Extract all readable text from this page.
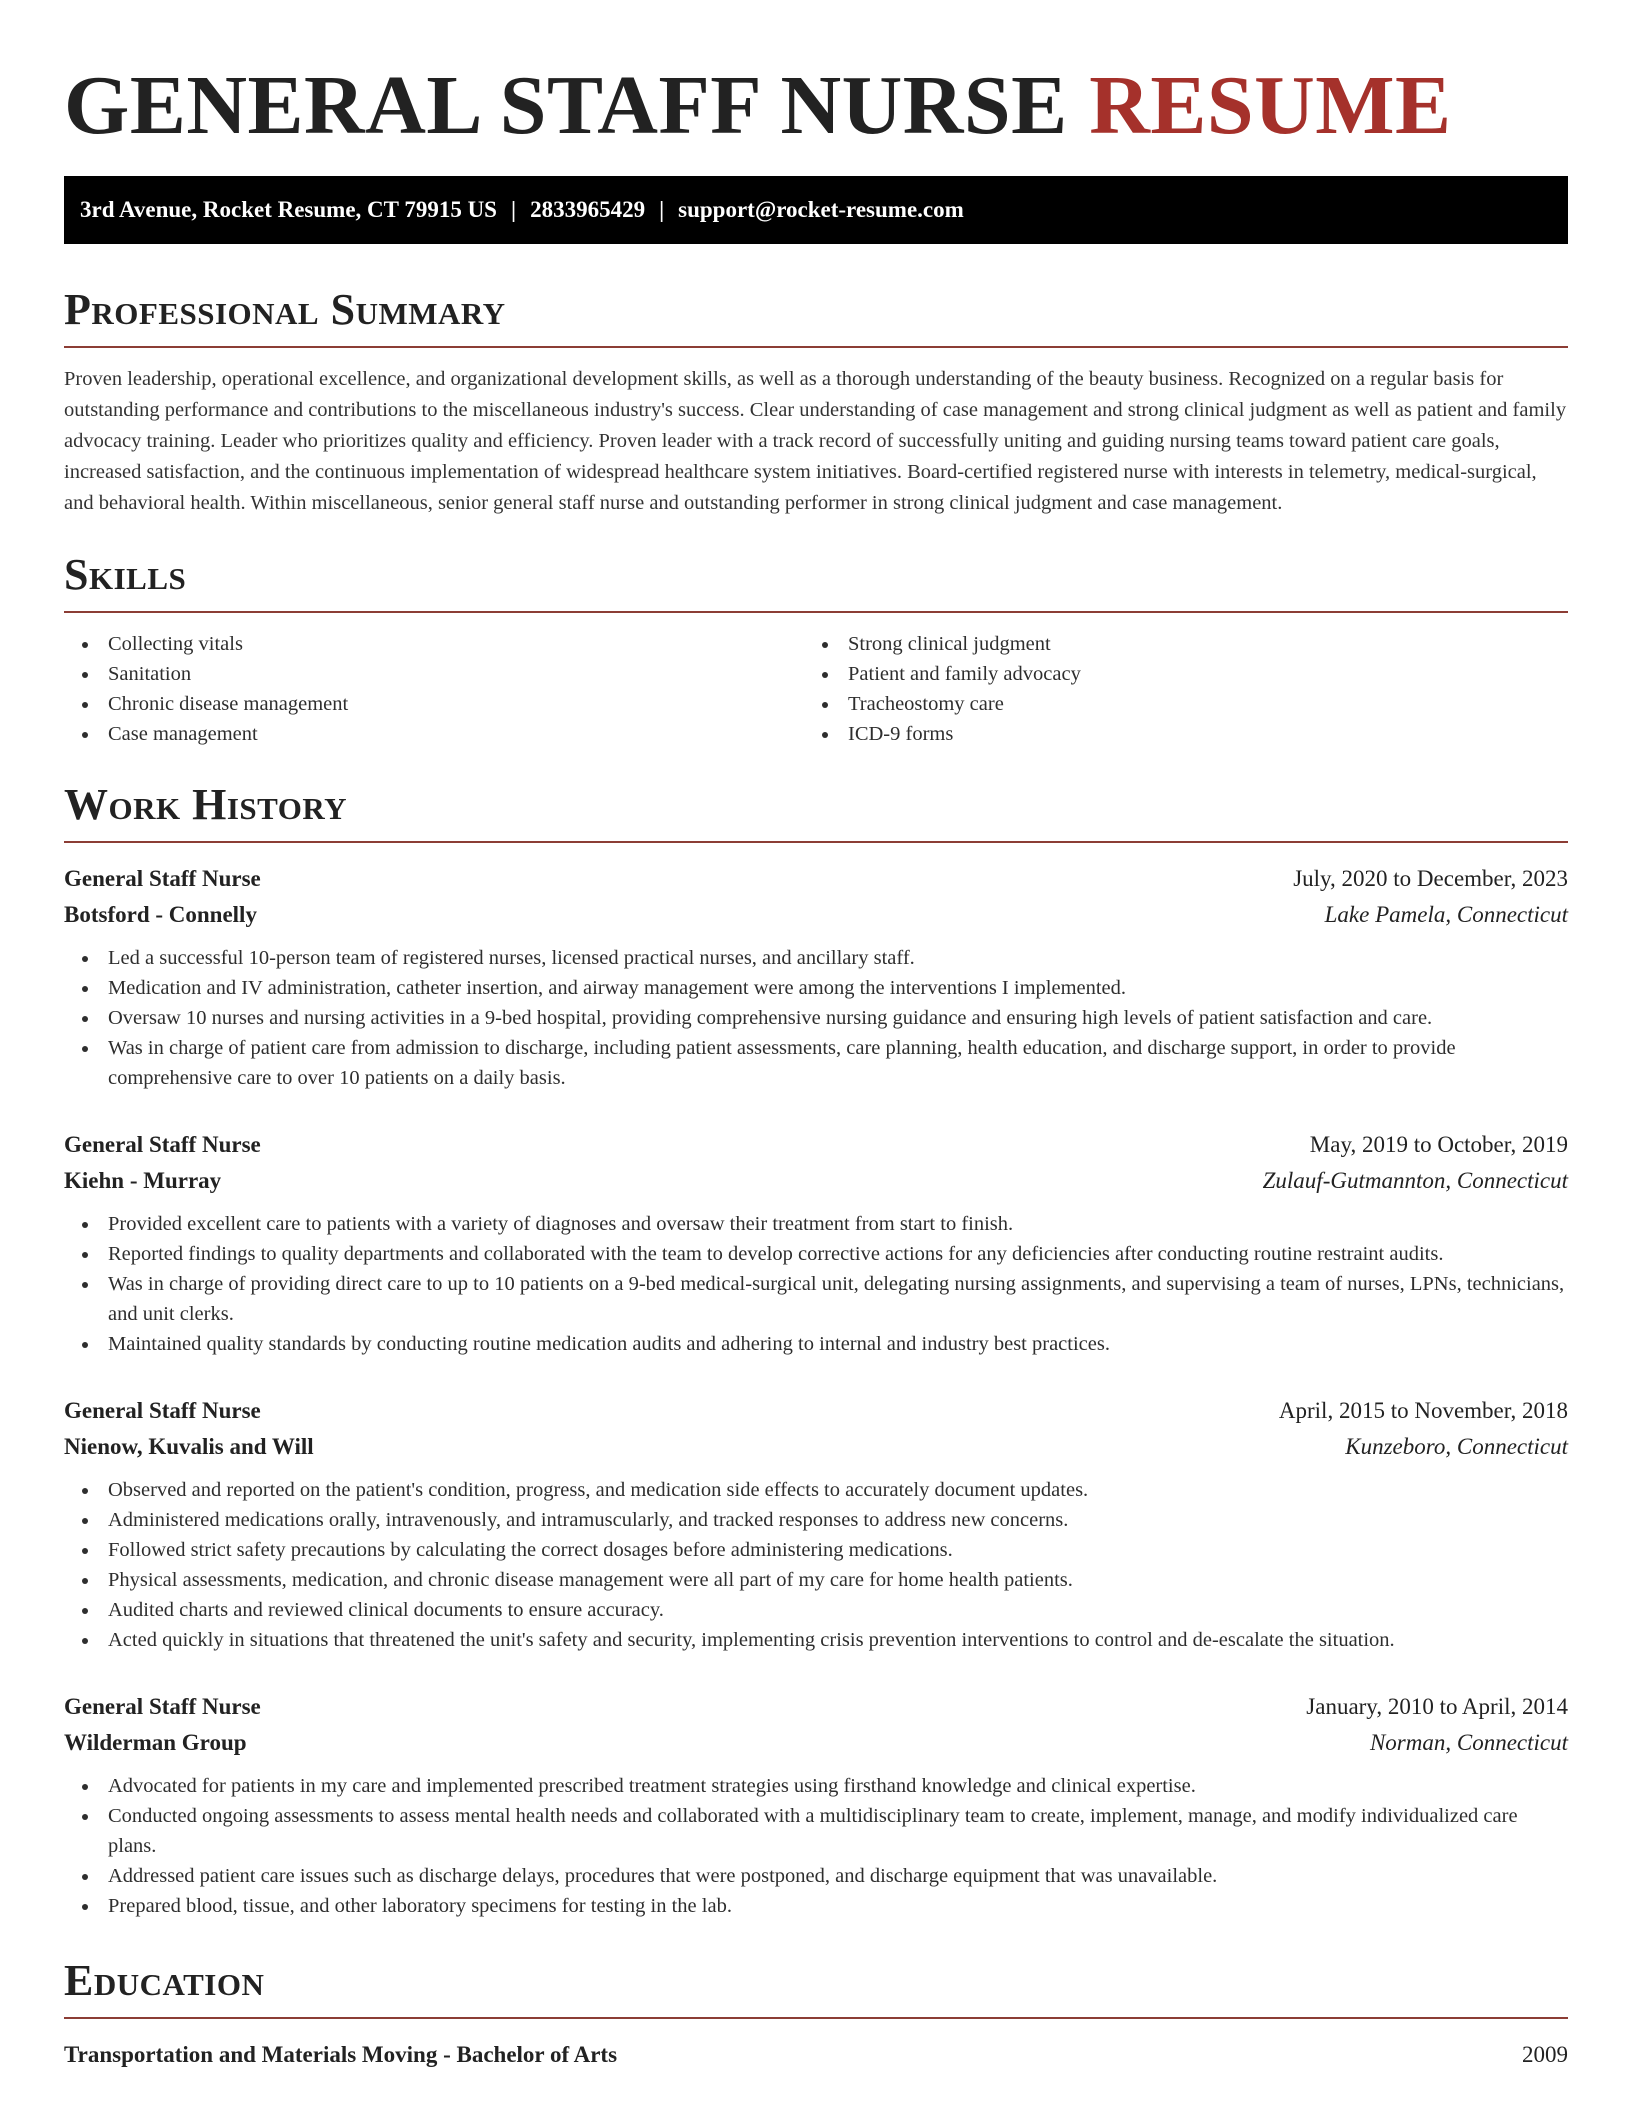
GENERAL STAFF NURSE RESUME
3rd Avenue, Rocket Resume, CT 79915 US | 2833965429 | support@rocket-resume.com
Professional Summary

Proven leadership, operational excellence, and organizational development skills, as well as a thorough understanding of the beauty business. Recognized on a regular basis for outstanding performance and contributions to the miscellaneous industry's success. Clear understanding of case management and strong clinical judgment as well as patient and family advocacy training. Leader who prioritizes quality and efficiency. Proven leader with a track record of successfully uniting and guiding nursing teams toward patient care goals, increased satisfaction, and the continuous implementation of widespread healthcare system initiatives. Board-certified registered nurse with interests in telemetry, medical-surgical, and behavioral health. Within miscellaneous, senior general staff nurse and outstanding performer in strong clinical judgment and case management.

Skills
Collecting vitals
Sanitation
Chronic disease management
Case management
Strong clinical judgment
Patient and family advocacy
Tracheostomy care
ICD-9 forms
Work History
General Staff Nurse	July, 2020 to December, 2023
Botsford - Connelly	Lake Pamela, Connecticut
Led a successful 10-person team of registered nurses, licensed practical nurses, and ancillary staff.
Medication and IV administration, catheter insertion, and airway management were among the interventions I implemented.
Oversaw 10 nurses and nursing activities in a 9-bed hospital, providing comprehensive nursing guidance and ensuring high levels of patient satisfaction and care.
Was in charge of patient care from admission to discharge, including patient assessments, care planning, health education, and discharge support, in order to provide comprehensive care to over 10 patients on a daily basis.
General Staff Nurse	May, 2019 to October, 2019
Kiehn - Murray	Zulauf-Gutmannton, Connecticut
Provided excellent care to patients with a variety of diagnoses and oversaw their treatment from start to finish.
Reported findings to quality departments and collaborated with the team to develop corrective actions for any deficiencies after conducting routine restraint audits.
Was in charge of providing direct care to up to 10 patients on a 9-bed medical-surgical unit, delegating nursing assignments, and supervising a team of nurses, LPNs, technicians, and unit clerks.
Maintained quality standards by conducting routine medication audits and adhering to internal and industry best practices.
General Staff Nurse	April, 2015 to November, 2018
Nienow, Kuvalis and Will	Kunzeboro, Connecticut
Observed and reported on the patient's condition, progress, and medication side effects to accurately document updates.
Administered medications orally, intravenously, and intramuscularly, and tracked responses to address new concerns.
Followed strict safety precautions by calculating the correct dosages before administering medications.
Physical assessments, medication, and chronic disease management were all part of my care for home health patients.
Audited charts and reviewed clinical documents to ensure accuracy.
Acted quickly in situations that threatened the unit's safety and security, implementing crisis prevention interventions to control and de-escalate the situation.
General Staff Nurse	January, 2010 to April, 2014
Wilderman Group	Norman, Connecticut
Advocated for patients in my care and implemented prescribed treatment strategies using firsthand knowledge and clinical expertise.
Conducted ongoing assessments to assess mental health needs and collaborated with a multidisciplinary team to create, implement, manage, and modify individualized care plans.
Addressed patient care issues such as discharge delays, procedures that were postponed, and discharge equipment that was unavailable.
Prepared blood, tissue, and other laboratory specimens for testing in the lab.
Education
Transportation and Materials Moving - Bachelor of Arts	2009
